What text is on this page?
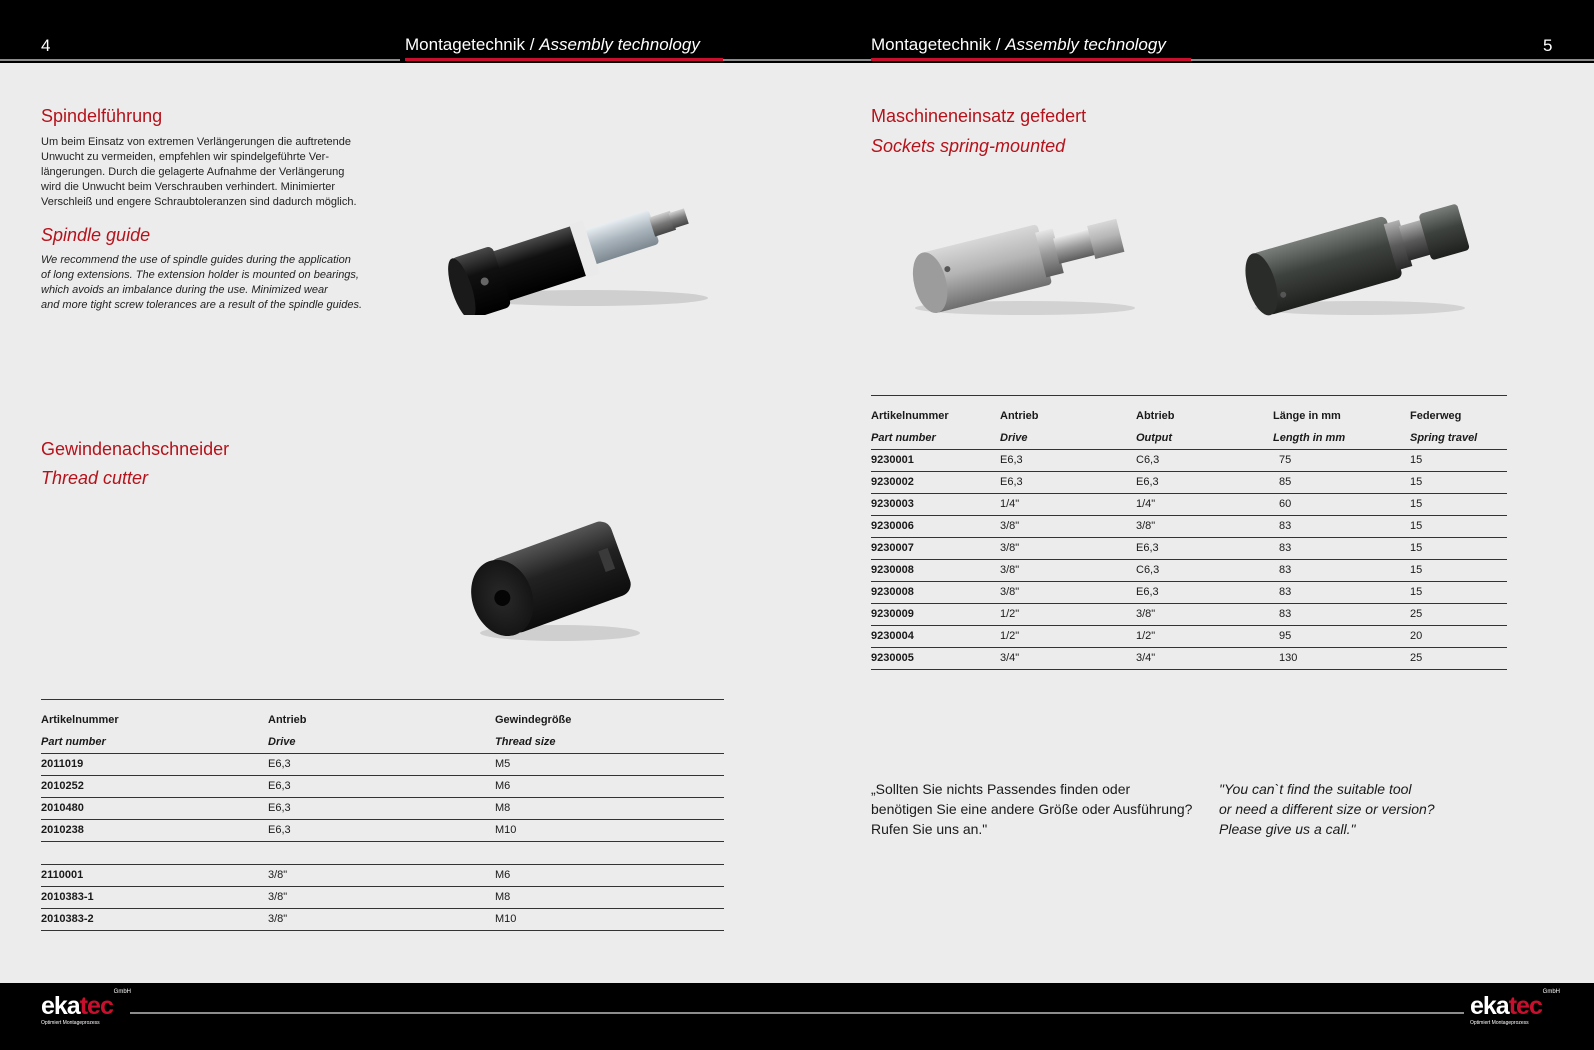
4	Montagetechnik / Assembly technology	Montagetechnik / Assembly technology	5
Spindelführung
Um beim Einsatz von extremen Verlängerungen die auftretende
Unwucht zu vermeiden, empfehlen wir spindelgeführte Ver-
längerungen. Durch die gelagerte Aufnahme der Verlängerung
wird die Unwucht beim Verschrauben verhindert. Minimierter
Verschleiß und engere Schraubtoleranzen sind dadurch möglich.
Spindle guide
We recommend the use of spindle guides during the application
of long extensions. The extension holder is mounted on bearings,
which avoids an imbalance during the use. Minimized wear
and more tight screw tolerances are a result of the spindle guides.
Gewindenachschneider
Thread cutter
Artikelnummer	Antrieb	Gewindegröße
Part number	Drive	Thread size
2011019	E6,3	M5
2010252	E6,3	M6
2010480	E6,3	M8
2010238	E6,3	M10
2110001	3/8"	M6
2010383-1	3/8"	M8
2010383-2	3/8"	M10
Maschineneinsatz gefedert
Sockets spring-mounted
Artikelnummer	Antrieb	Abtrieb	Länge in mm	Federweg
Part number	Drive	Output	Length in mm	Spring travel
9230001	E6,3	C6,3	75	15
9230002	E6,3	E6,3	85	15
9230003	1/4"	1/4"	60	15
9230006	3/8"	3/8"	83	15
9230007	3/8"	E6,3	83	15
9230008	3/8"	C6,3	83	15
9230008	3/8"	E6,3	83	15
9230009	1/2"	3/8"	83	25
9230004	1/2"	1/2"	95	20
9230005	3/4"	3/4"	130	25
„Sollten Sie nichts Passendes finden oder
benötigen Sie eine andere Größe oder Ausführung?
Rufen Sie uns an."
"You can`t find the suitable tool
or need a different size or version?
Please give us a call."
ekatec GmbH
Optimiert Montageprozess
ekatec GmbH
Optimiert Montageprozess
